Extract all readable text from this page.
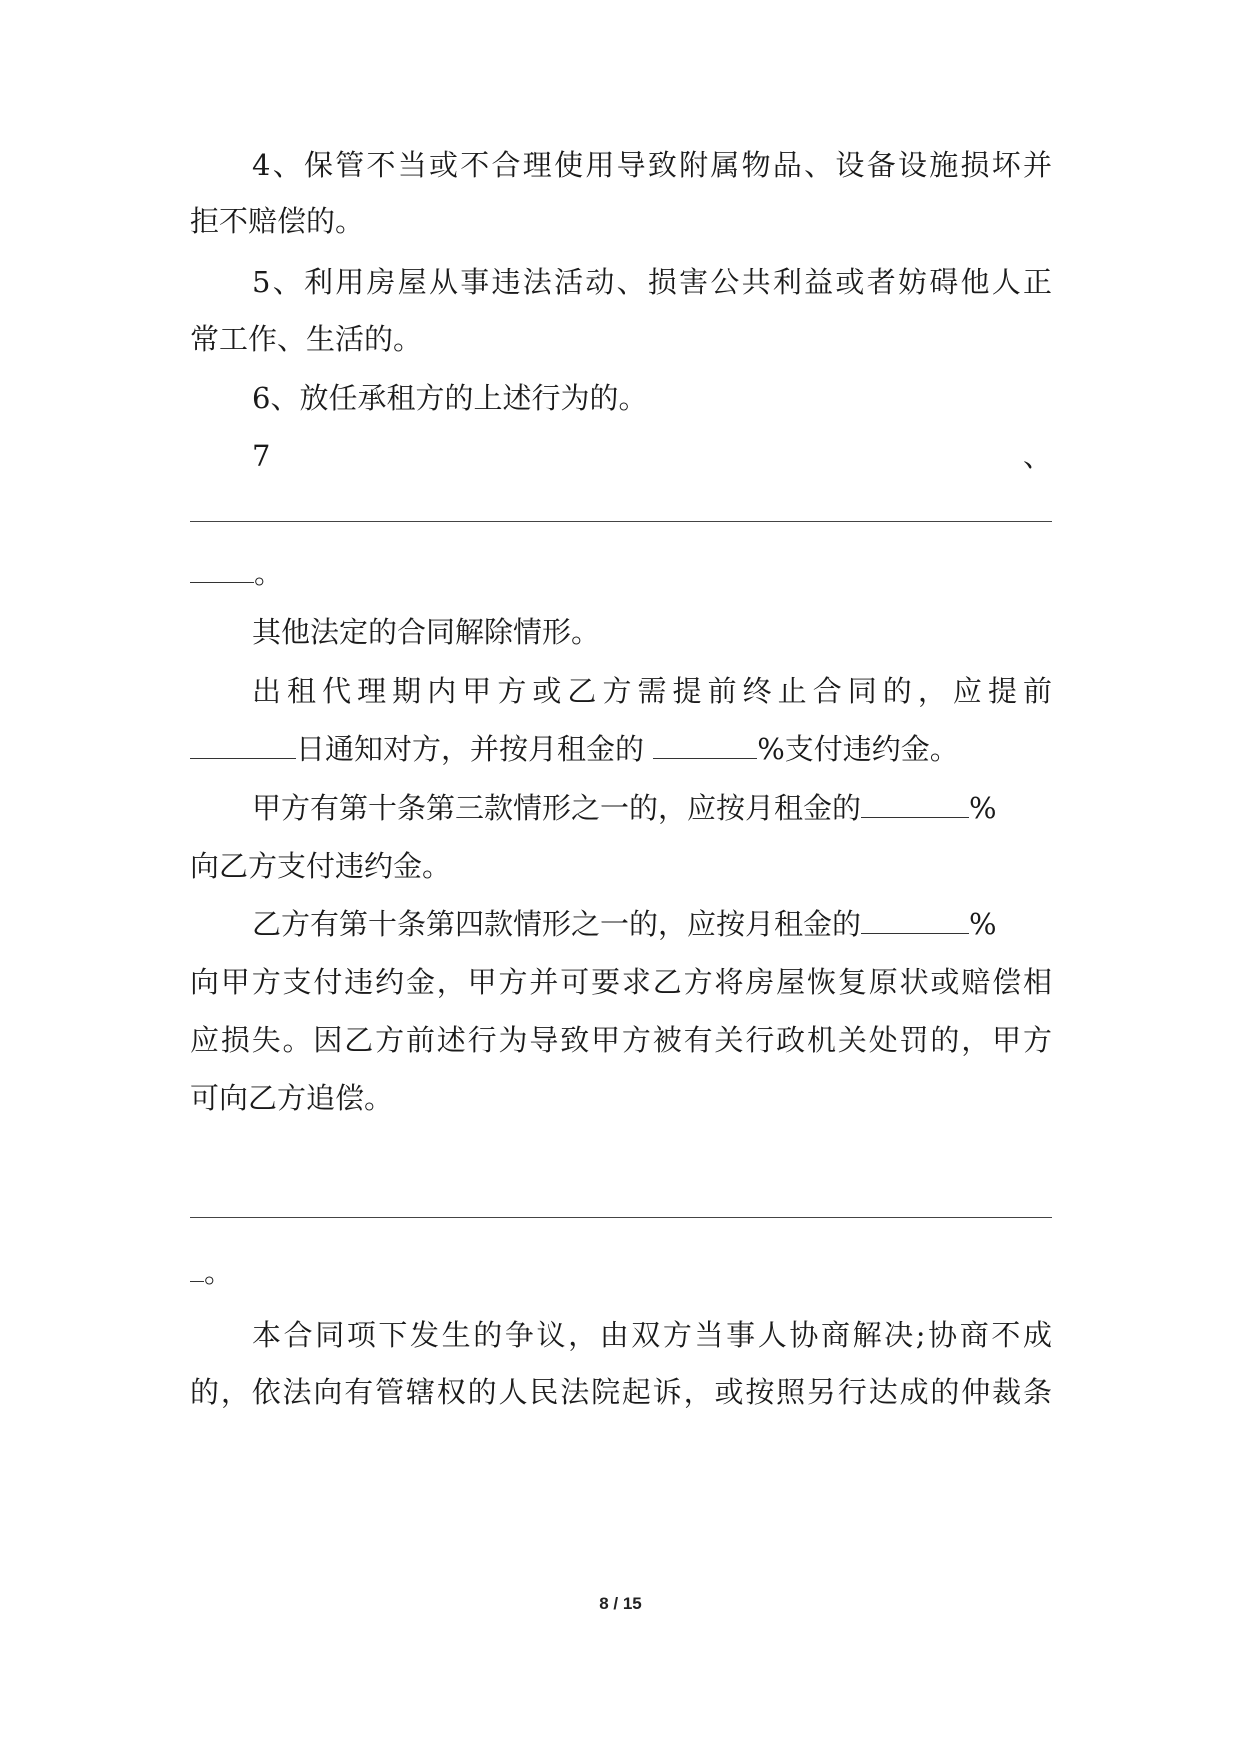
4、保管不当或不合理使用导致附属物品、设备设施损坏并
拒不赔偿的。
5、利用房屋从事违法活动、损害公共利益或者妨碍他人正
常工作、生活的。
6、放任承租方的上述行为的。
7	、
。
其他法定的合同解除情形。
出租代理期内甲方或乙方需提前终止合同的，应提前
日通知对方，并按月租金的	%支付违约金。
甲方有第十条第三款情形之一的，应按月租金的	%
向乙方支付违约金。
乙方有第十条第四款情形之一的，应按月租金的	%
向甲方支付违约金，甲方并可要求乙方将房屋恢复原状或赔偿相
应损失。因乙方前述行为导致甲方被有关行政机关处罚的，甲方
可向乙方追偿。
。
本合同项下发生的争议，由双方当事人协商解决;协商不成
的，依法向有管辖权的人民法院起诉，或按照另行达成的仲裁条
8 / 15
